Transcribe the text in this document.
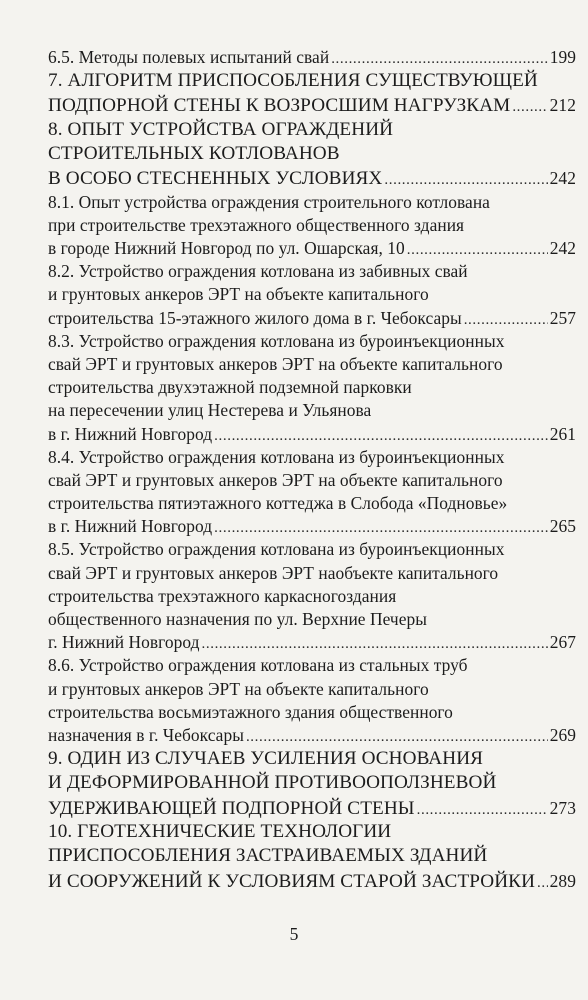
6.5. Методы полевых испытаний свай .....	199
7. АЛГОРИТМ ПРИСПОСОБЛЕНИЯ СУЩЕСТВУЮЩЕЙ
ПОДПОРНОЙ СТЕНЫ К ВОЗРОСШИМ НАГРУЗКАМ ..... 212
8. ОПЫТ УСТРОЙСТВА ОГРАЖДЕНИЙ
СТРОИТЕЛЬНЫХ КОТЛОВАНОВ
В ОСОБО СТЕСНЕННЫХ УСЛОВИЯХ .....	242
8.1. Опыт устройства ограждения строительного котлована
при строительстве трехэтажного общественного здания
в городе Нижний Новгород по ул. Ошарская, 10 .....	242
8.2. Устройство ограждения котлована из забивных свай
и грунтовых анкеров ЭРТ на объекте капитального
строительства 15-этажного жилого дома в г. Чебоксары .....	257
8.3. Устройство ограждения котлована из буроинъекционных
свай ЭРТ и грунтовых анкеров ЭРТ на объекте капитального
строительства двухэтажной подземной парковки
на пересечении улиц Нестерева и Ульянова
в г. Нижний Новгород .....	261
8.4. Устройство ограждения котлована из буроинъекционных
свай ЭРТ и грунтовых анкеров ЭРТ на объекте капитального
строительства пятиэтажного коттеджа в Слобода «Подновье»
в г. Нижний Новгород .....	265
8.5. Устройство ограждения котлована из буроинъекционных
свай ЭРТ и грунтовых анкеров ЭРТ наобъекте капитального
строительства трехэтажного каркасногоздания
общественного назначения по ул. Верхние Печеры
г. Нижний Новгород .....	267
8.6. Устройство ограждения котлована из стальных труб
и грунтовых анкеров ЭРТ на объекте капитального
строительства восьмиэтажного здания общественного
назначения в г. Чебоксары .....	269
9. ОДИН ИЗ СЛУЧАЕВ УСИЛЕНИЯ ОСНОВАНИЯ
И ДЕФОРМИРОВАННОЙ ПРОТИВООПОЛЗНЕВОЙ
УДЕРЖИВАЮЩЕЙ ПОДПОРНОЙ СТЕНЫ .....	273
10. ГЕОТЕХНИЧЕСКИЕ ТЕХНОЛОГИИ
ПРИСПОСОБЛЕНИЯ ЗАСТРАИВАЕМЫХ ЗДАНИЙ
И СООРУЖЕНИЙ К УСЛОВИЯМ СТАРОЙ ЗАСТРОЙКИ ..... 289
5
